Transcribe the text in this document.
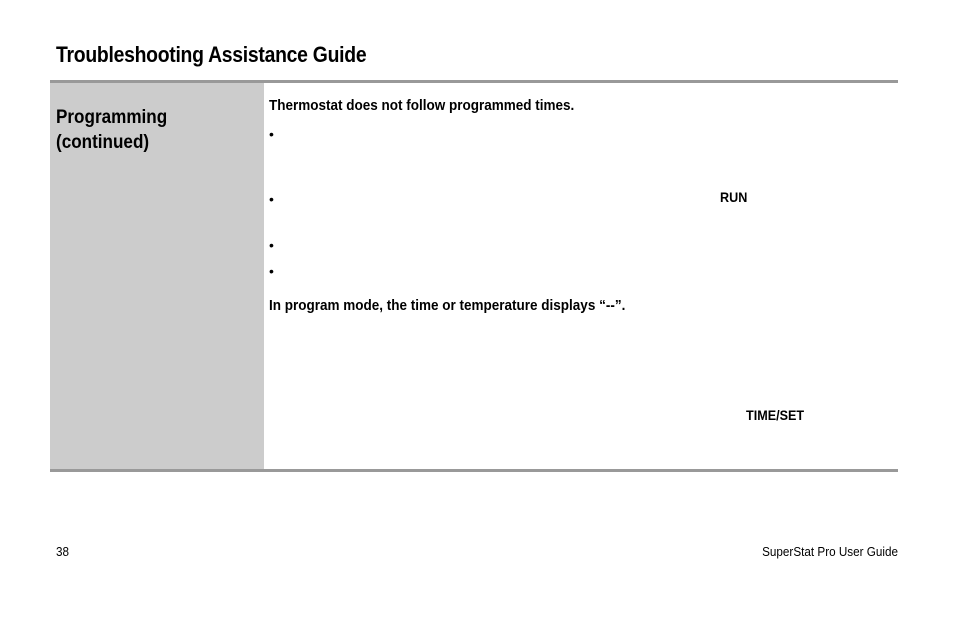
Troubleshooting Assistance Guide
Programming
(continued)
Thermostat does not follow programmed times.
•
•	RUN
•
•
In program mode, the time or temperature displays “--”.
TIME/SET
38	SuperStat Pro User Guide
